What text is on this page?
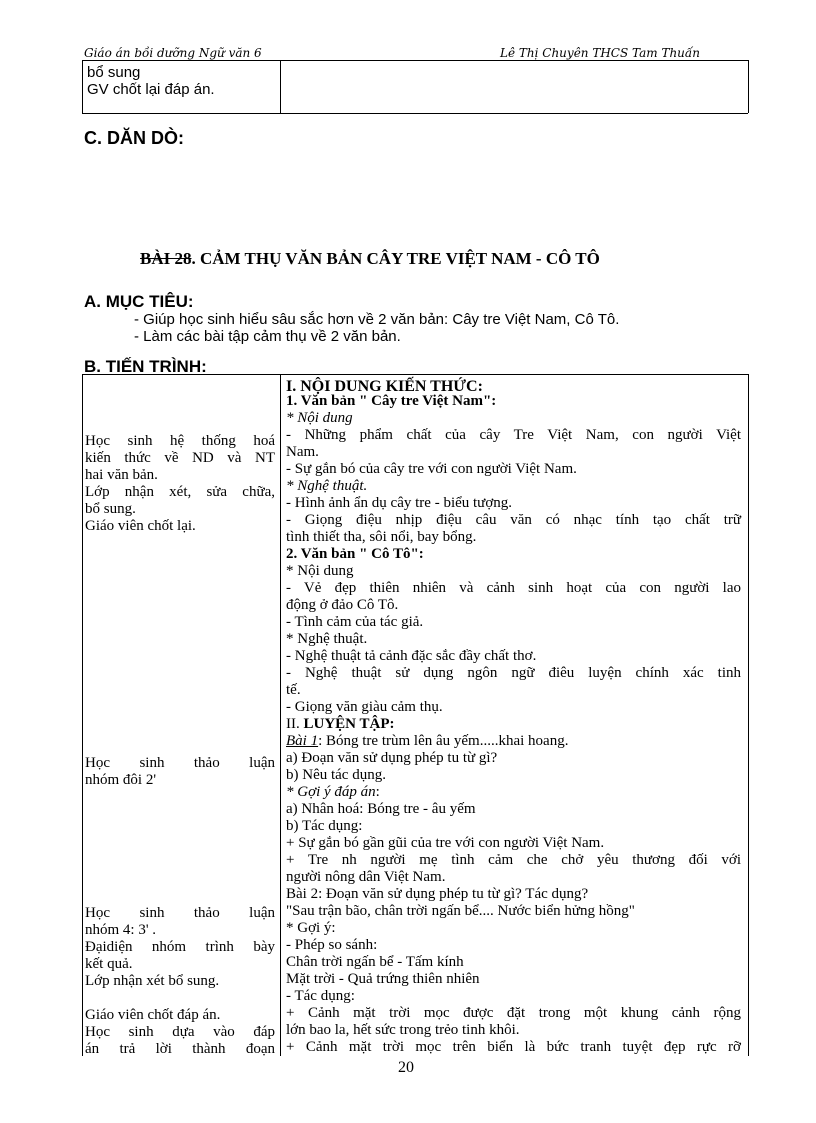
Giáo án bồi dưỡng Ngữ văn 6	Lê Thị Chuyên THCS Tam Thuấn
bổ sung
GV chốt lại đáp án.
C. DĂN DÒ:
BÀI 28. CẢM THỤ VĂN BẢN CÂY TRE VIỆT NAM - CÔ TÔ
A. MỤC TIÊU:
- Giúp học sinh hiểu sâu sắc hơn về 2 văn bản: Cây tre Việt Nam, Cô Tô.
- Làm các bài tập cảm thụ về 2 văn bản.
B. TIẾN TRÌNH:
Học sinh hệ thống hoá
kiến thức về ND và NT
hai văn bản.
Lớp nhận xét, sửa chữa,
bổ sung.
Giáo viên chốt lại.
Học sinh thảo luận
nhóm đôi 2'
Học sinh thảo luận
nhóm 4: 3' .
Đạidiện nhóm trình bày
kết quả.
Lớp nhận xét bổ sung.
Giáo viên chốt đáp án.
Học sinh dựa vào đáp
án trả lời thành đoạn
I. NỘI DUNG KIẾN THỨC:
1. Văn bản " Cây tre Việt Nam":
* Nội dung
- Những phẩm chất của cây Tre Việt Nam, con người Việt
Nam.
- Sự gắn bó của cây tre với con người Việt Nam.
* Nghệ thuật.
- Hình ảnh ẩn dụ cây tre - biểu tượng.
- Giọng điệu nhịp điệu câu văn có nhạc tính tạo chất trữ
tình thiết tha, sôi nổi, bay bổng.
2. Văn bản " Cô Tô":
* Nội dung
- Vẻ đẹp thiên nhiên và cảnh sinh hoạt của con người lao
động ở đảo Cô Tô.
- Tình cảm của tác giả.
* Nghệ thuật.
- Nghệ thuật tả cảnh đặc sắc đầy chất thơ.
- Nghệ thuật sử dụng ngôn ngữ điêu luyện chính xác tinh
tế.
- Giọng văn giàu cảm thụ.
II. LUYỆN TẬP:
Bài 1: Bóng tre trùm lên âu yếm.....khai hoang.
a) Đoạn văn sử dụng phép tu từ gì?
b) Nêu tác dụng.
* Gợi ý đáp án:
a) Nhân hoá: Bóng tre - âu yếm
b) Tác dụng:
+ Sự gắn bó gần gũi của tre với con người Việt Nam.
+ Tre nh người mẹ tình cảm che chở yêu thương đối với
người nông dân Việt Nam.
Bài 2: Đoạn văn sử dụng phép tu từ gì? Tác dụng?
"Sau trận bão, chân trời ngấn bể.... Nước biển hửng hồng"
* Gợi ý:
- Phép so sánh:
Chân trời ngấn bể - Tấm kính
Mặt trời - Quả trứng thiên nhiên
- Tác dụng:
+ Cảnh mặt trời mọc được đặt trong một khung cảnh rộng
lớn bao la, hết sức trong trẻo tinh khôi.
+ Cảnh mặt trời mọc trên biển là bức tranh tuyệt đẹp rực rỡ
20
